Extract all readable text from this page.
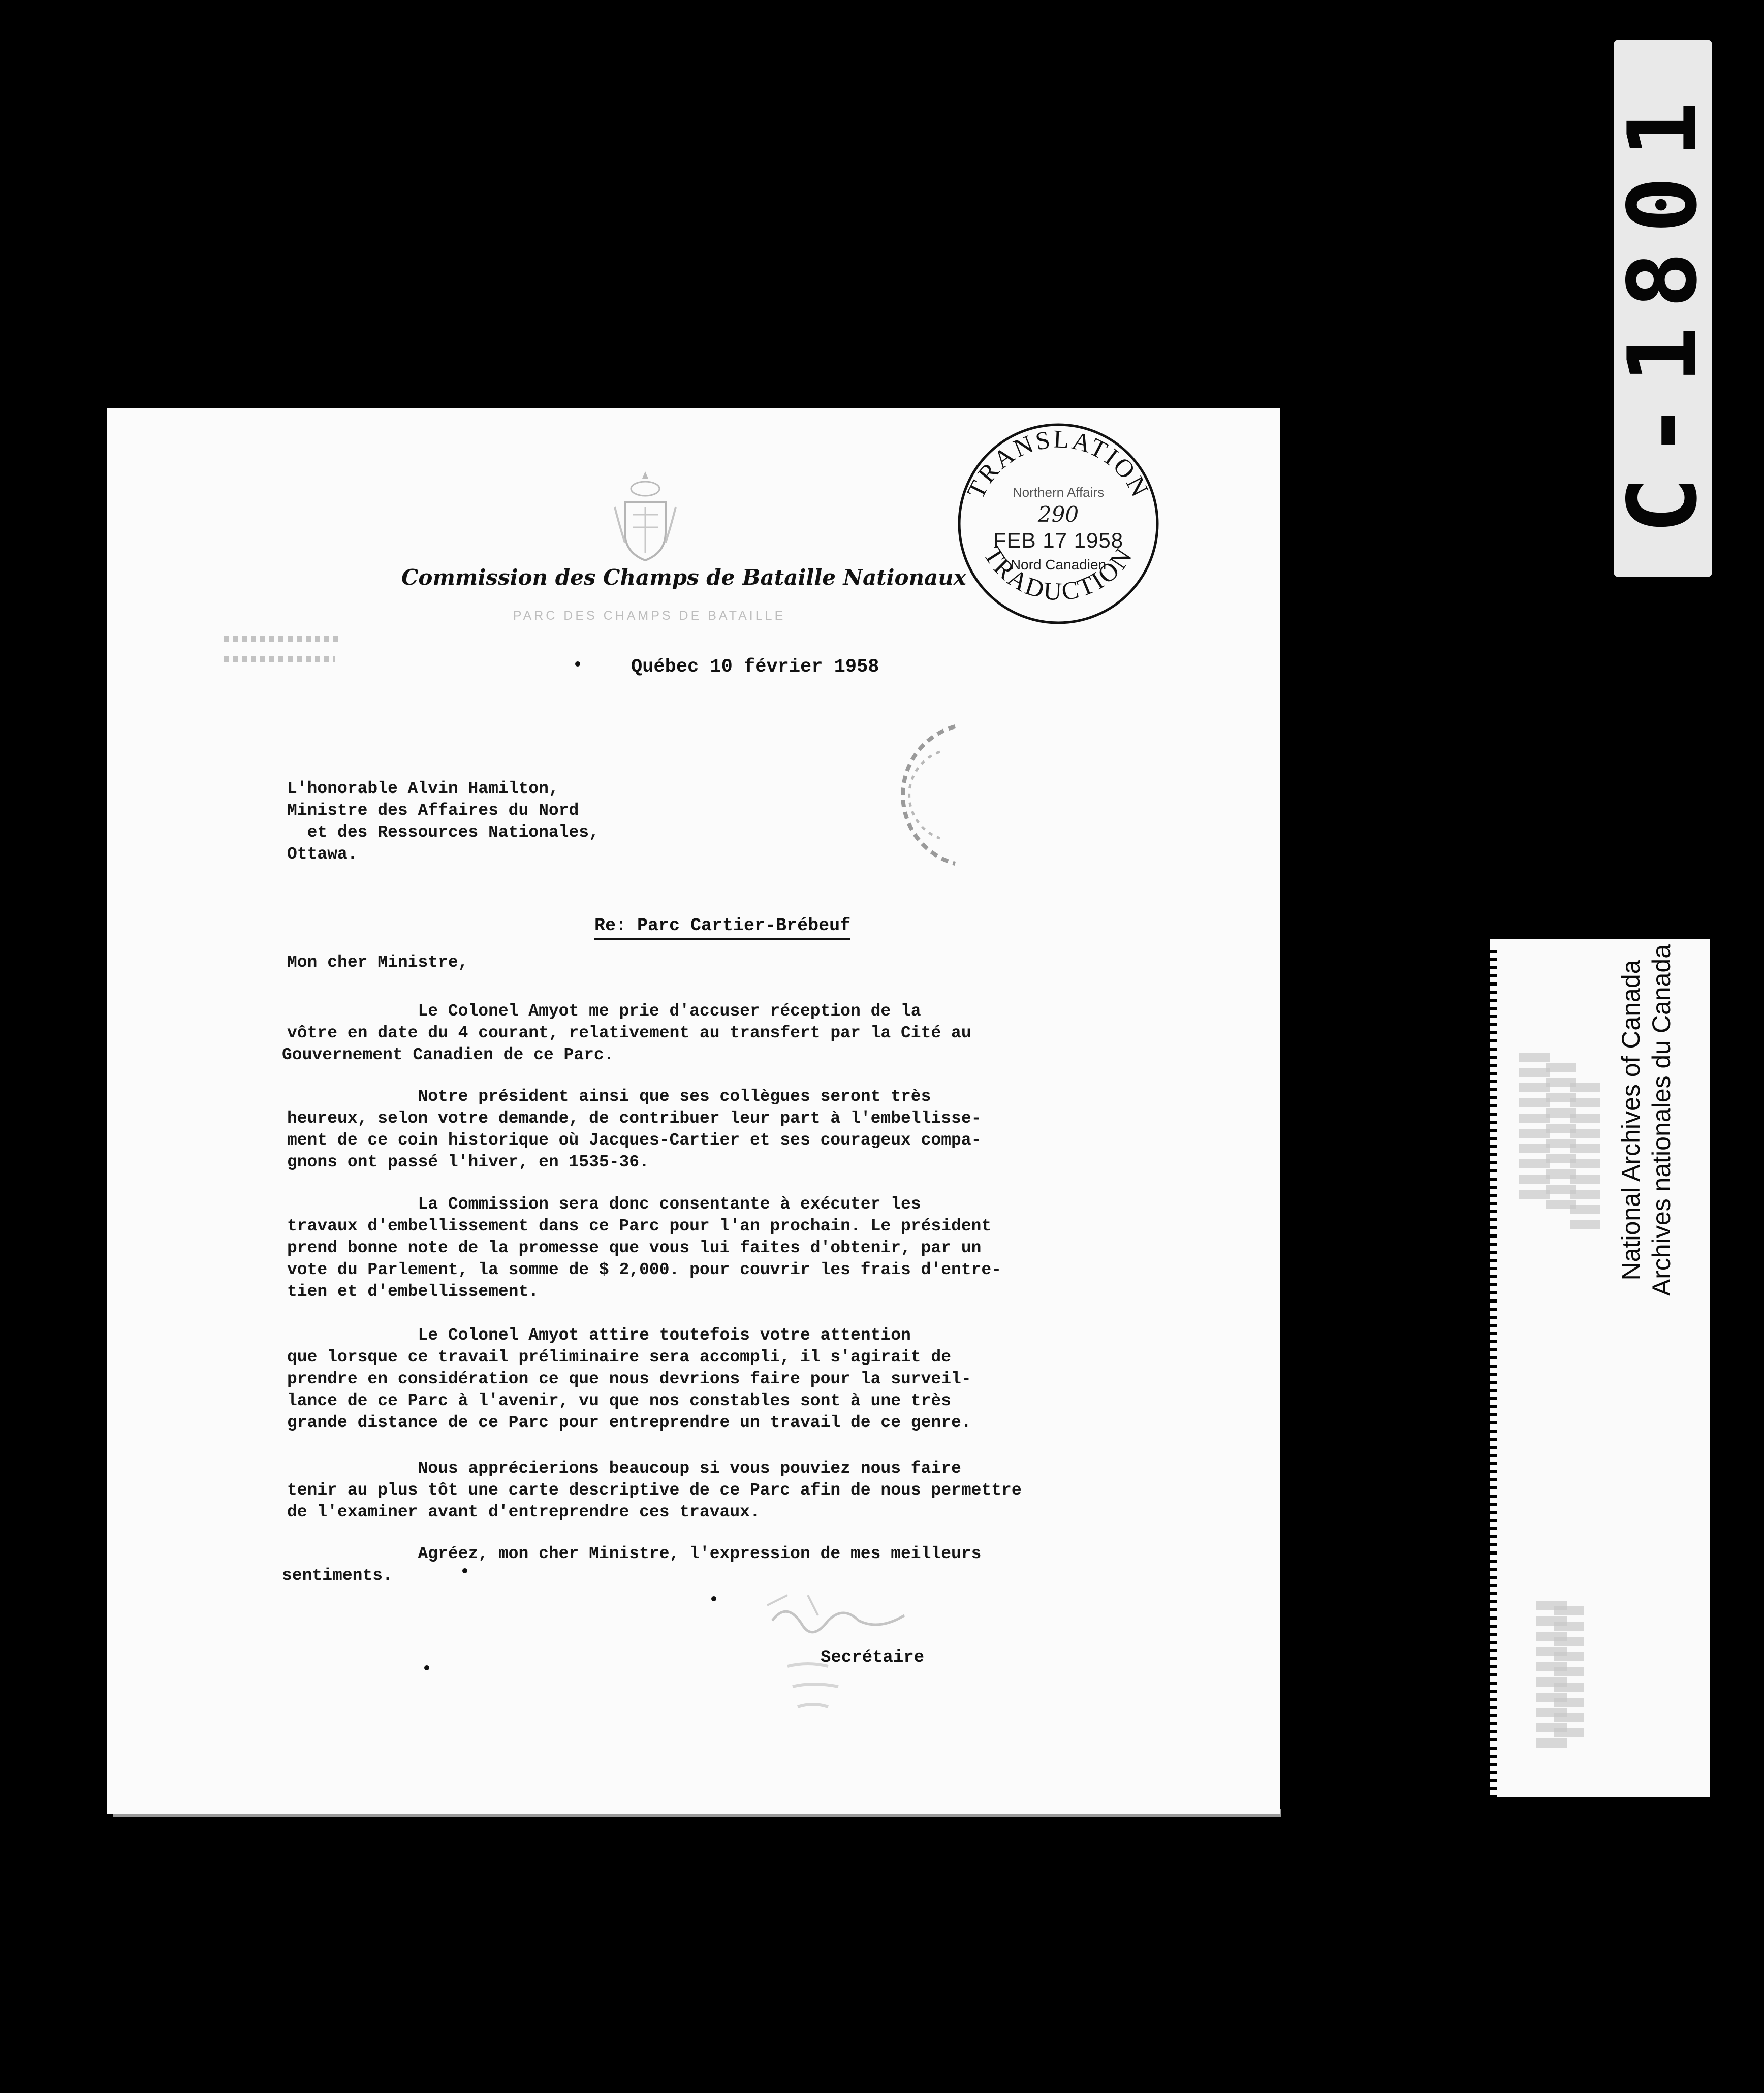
C-1801
National Archives of Canada Archives nationales du Canada
Commission des Champs de Bataille Nationaux
PARC DES CHAMPS DE BATAILLE
Québec 10 février 1958
TRANSLATION
TRADUCTION
Northern Affairs
290
FEB 17 1958
Nord Canadien
L'honorable Alvin Hamilton,
Ministre des Affaires du Nord
et des Ressources Nationales,
Ottawa.
Re: Parc Cartier-Brébeuf
Mon cher Ministre,
Le Colonel Amyot me prie d'accuser réception de la
vôtre en date du 4 courant, relativement au transfert par la Cité au
Gouvernement Canadien de ce Parc.
Notre président ainsi que ses collègues seront très
heureux, selon votre demande, de contribuer leur part à l'embellisse-
ment de ce coin historique où Jacques-Cartier et ses courageux compa-
gnons ont passé l'hiver, en 1535-36.
La Commission sera donc consentante à exécuter les
travaux d'embellissement dans ce Parc pour l'an prochain. Le président
prend bonne note de la promesse que vous lui faites d'obtenir, par un
vote du Parlement, la somme de $ 2,000. pour couvrir les frais d'entre-
tien et d'embellissement.
Le Colonel Amyot attire toutefois votre attention
que lorsque ce travail préliminaire sera accompli, il s'agirait de
prendre en considération ce que nous devrions faire pour la surveil-
lance de ce Parc à l'avenir, vu que nos constables sont à une très
grande distance de ce Parc pour entreprendre un travail de ce genre.
Nous apprécierions beaucoup si vous pouviez nous faire
tenir au plus tôt une carte descriptive de ce Parc afin de nous permettre
de l'examiner avant d'entreprendre ces travaux.
Agréez, mon cher Ministre, l'expression de mes meilleurs
sentiments.
Secrétaire
